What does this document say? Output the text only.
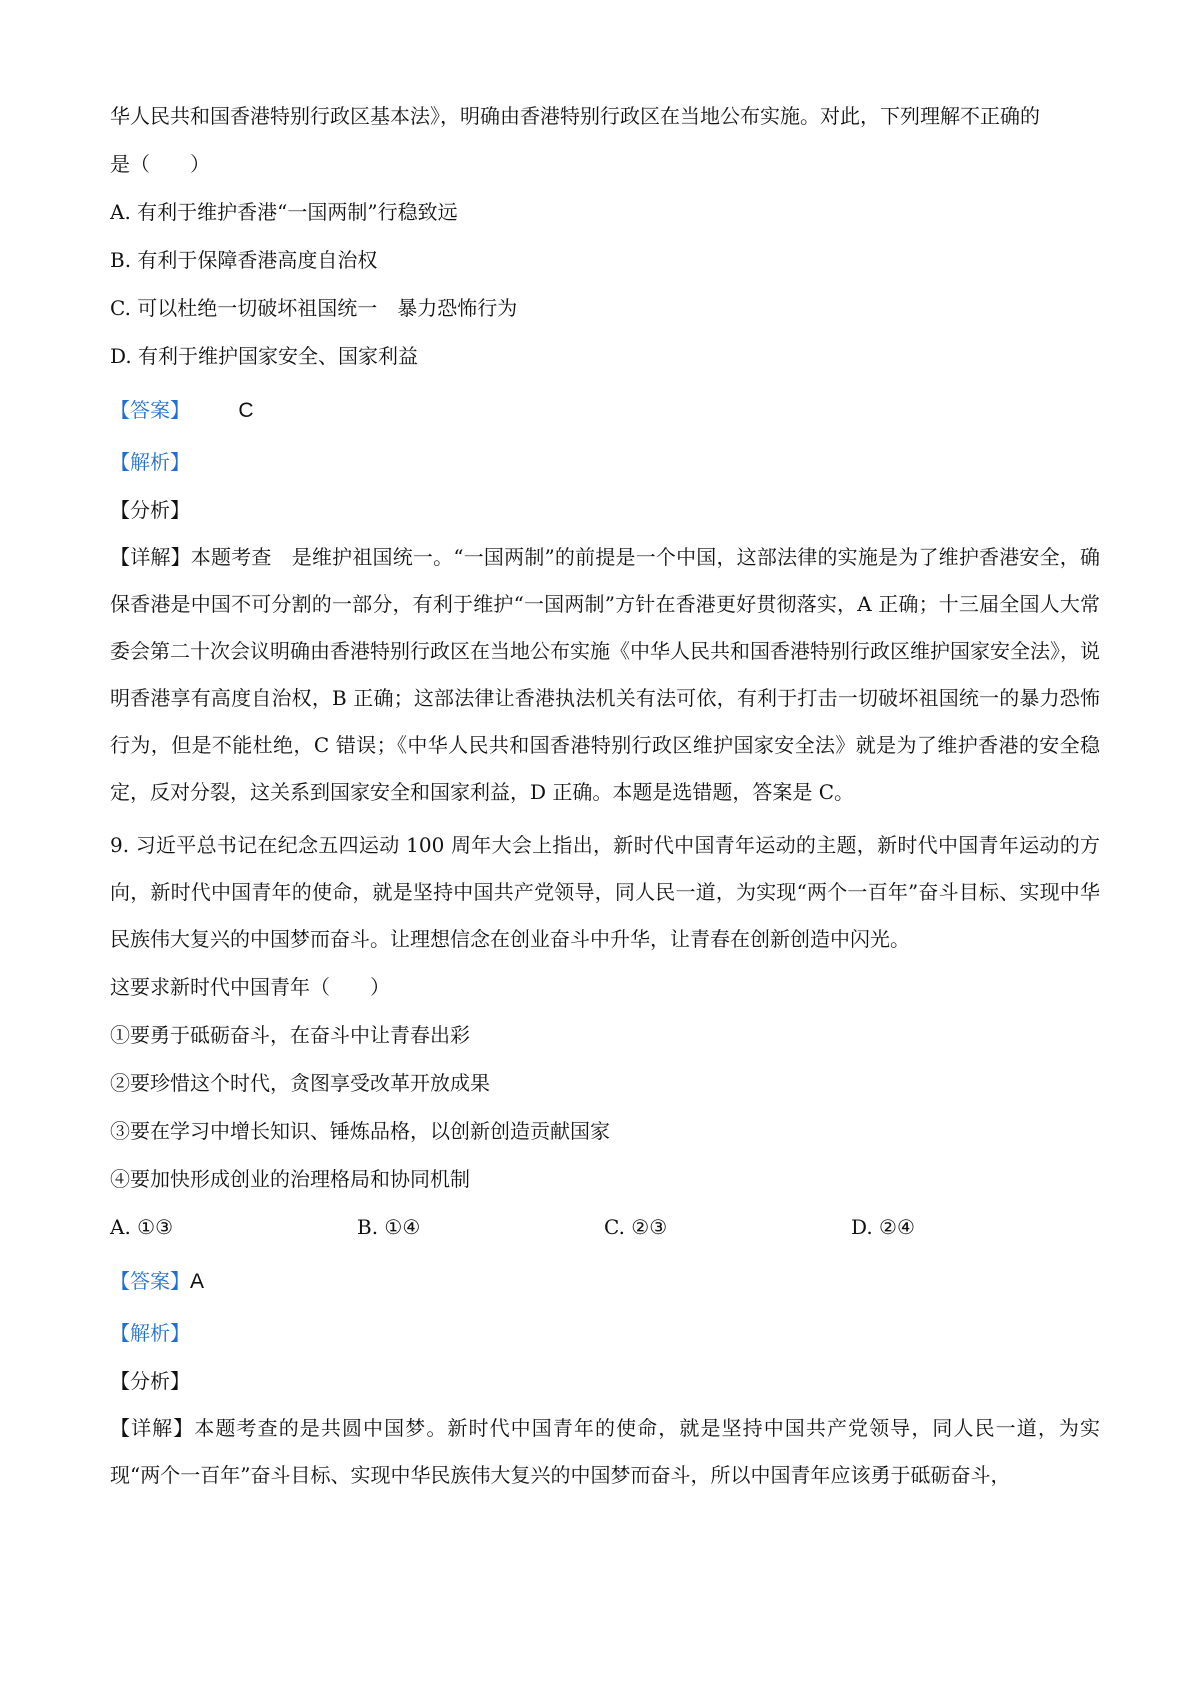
华人民共和国香港特别行政区基本法》，明确由香港特别行政区在当地公布实施。对此，下列理解不正确的
是（　　）
A. 有利于维护香港“一国两制”行稳致远
B. 有利于保障香港高度自治权
C. 可以杜绝一切破坏祖国统一　暴力恐怖行为
D. 有利于维护国家安全、国家利益
【答案】 C
【解析】
【分析】

【详解】本题考查　是维护祖国统一。“一国两制”的前提是一个中国，这部法律的实施是为了维护香港安全，确保香港是中国不可分割的一部分，有利于维护“一国两制”方针在香港更好贯彻落实，A 正确；十三届全国人大常委会第二十次会议明确由香港特别行政区在当地公布实施《中华人民共和国香港特别行政区维护国家安全法》，说明香港享有高度自治权，B 正确；这部法律让香港执法机关有法可依，有利于打击一切破坏祖国统一的暴力恐怖行为，但是不能杜绝，C 错误；《中华人民共和国香港特别行政区维护国家安全法》就是为了维护香港的安全稳定，反对分裂，这关系到国家安全和国家利益，D 正确。本题是选错题，答案是 C。

9. 习近平总书记在纪念五四运动 100 周年大会上指出，新时代中国青年运动的主题，新时代中国青年运动的方向，新时代中国青年的使命，就是坚持中国共产党领导，同人民一道，为实现“两个一百年”奋斗目标、实现中华民族伟大复兴的中国梦而奋斗。让理想信念在创业奋斗中升华，让青春在创新创造中闪光。

这要求新时代中国青年（　　）
①要勇于砥砺奋斗，在奋斗中让青春出彩
②要珍惜这个时代，贪图享受改革开放成果
③要在学习中增长知识、锤炼品格，以创新创造贡献国家
④要加快形成创业的治理格局和协同机制
A. ①③	B. ①④	C. ②③	D. ②④
【答案】A
【解析】
【分析】

【详解】本题考查的是共圆中国梦。新时代中国青年的使命，就是坚持中国共产党领导，同人民一道，为实现“两个一百年”奋斗目标、实现中华民族伟大复兴的中国梦而奋斗，所以中国青年应该勇于砥砺奋斗，
